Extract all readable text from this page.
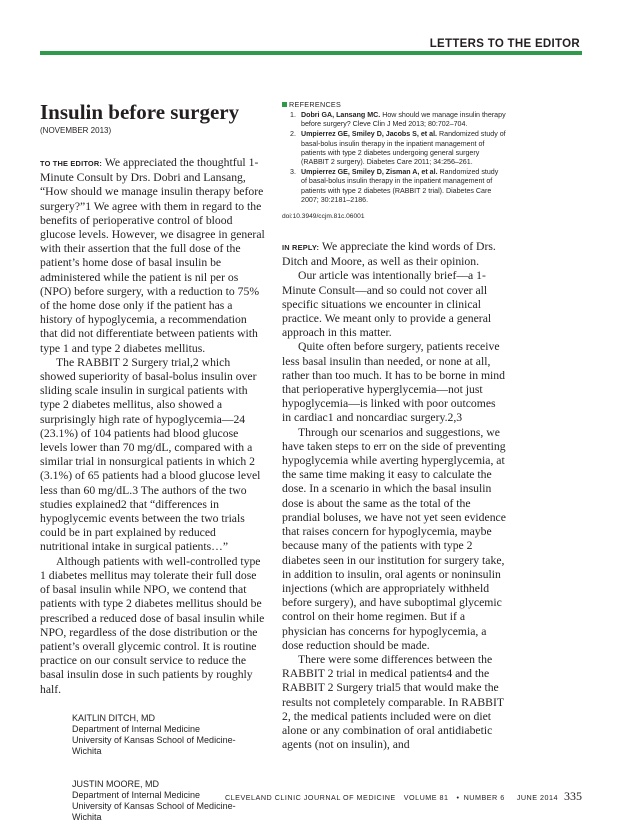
LETTERS TO THE EDITOR
Insulin before surgery
(NOVEMBER 2013)

TO THE EDITOR: We appreciated the thoughtful 1-Minute Consult by Drs. Dobri and Lansang, “How should we manage insulin therapy before surgery?”1 We agree with them in regard to the benefits of perioperative control of blood glucose levels. However, we disagree in general with their assertion that the full dose of the patient’s home dose of basal insulin be administered while the patient is nil per os (NPO) before surgery, with a reduction to 75% of the home dose only if the patient has a history of hypoglycemia, a recommendation that did not differentiate between patients with type 1 and type 2 diabetes mellitus.

The RABBIT 2 Surgery trial,2 which showed superiority of basal-bolus insulin over sliding scale insulin in surgical patients with type 2 diabetes mellitus, also showed a surprisingly high rate of hypoglycemia—24 (23.1%) of 104 patients had blood glucose levels lower than 70 mg/dL, compared with a similar trial in nonsurgical patients in which 2 (3.1%) of 65 patients had a blood glucose level less than 60 mg/dL.3 The authors of the two studies explained2 that “differences in hypoglycemic events between the two trials could be in part explained by reduced nutritional intake in surgical patients…”

Although patients with well-controlled type 1 diabetes mellitus may tolerate their full dose of basal insulin while NPO, we contend that patients with type 2 diabetes mellitus should be prescribed a reduced dose of basal insulin while NPO, regardless of the dose distribution or the patient’s overall glycemic control. It is routine practice on our consult service to reduce the basal insulin dose in such patients by roughly half.

KAITLIN DITCH, MD
Department of Internal Medicine
University of Kansas School of Medicine-
Wichita
JUSTIN MOORE, MD
Department of Internal Medicine
University of Kansas School of Medicine-
Wichita
REFERENCES
1. Dobri GA, Lansang MC. How should we manage insulin therapy before surgery? Cleve Clin J Med 2013; 80:702–704.
2. Umpierrez GE, Smiley D, Jacobs S, et al. Randomized study of basal-bolus insulin therapy in the inpatient management of patients with type 2 diabetes undergoing general surgery (RABBIT 2 surgery). Diabetes Care 2011; 34:256–261.
3. Umpierrez GE, Smiley D, Zisman A, et al. Randomized study of basal-bolus insulin therapy in the inpatient management of patients with type 2 diabetes (RABBIT 2 trial). Diabetes Care 2007; 30:2181–2186.
doi:10.3949/ccjm.81c.06001

IN REPLY: We appreciate the kind words of Drs. Ditch and Moore, as well as their opinion.

Our article was intentionally brief—a 1-Minute Consult—and so could not cover all specific situations we encounter in clinical practice. We meant only to provide a general approach in this matter.

Quite often before surgery, patients receive less basal insulin than needed, or none at all, rather than too much. It has to be borne in mind that perioperative hyperglycemia—not just hypoglycemia—is linked with poor outcomes in cardiac1 and noncardiac surgery.2,3

Through our scenarios and suggestions, we have taken steps to err on the side of preventing hypoglycemia while averting hyperglycemia, at the same time making it easy to calculate the dose. In a scenario in which the basal insulin dose is about the same as the total of the prandial boluses, we have not yet seen evidence that raises concern for hypoglycemia, maybe because many of the patients with type 2 diabetes seen in our institution for surgery take, in addition to insulin, oral agents or noninsulin injections (which are appropriately withheld before surgery), and have suboptimal glycemic control on their home regimen. But if a physician has concerns for hypoglycemia, a dose reduction should be made.

There were some differences between the RABBIT 2 trial in medical patients4 and the RABBIT 2 Surgery trial5 that would make the results not completely comparable. In RABBIT 2, the medical patients included were on diet alone or any combination of oral antidiabetic agents (not on insulin), and

CLEVELAND CLINIC JOURNAL OF MEDICINE VOLUME 81 • NUMBER 6 JUNE 2014 335
